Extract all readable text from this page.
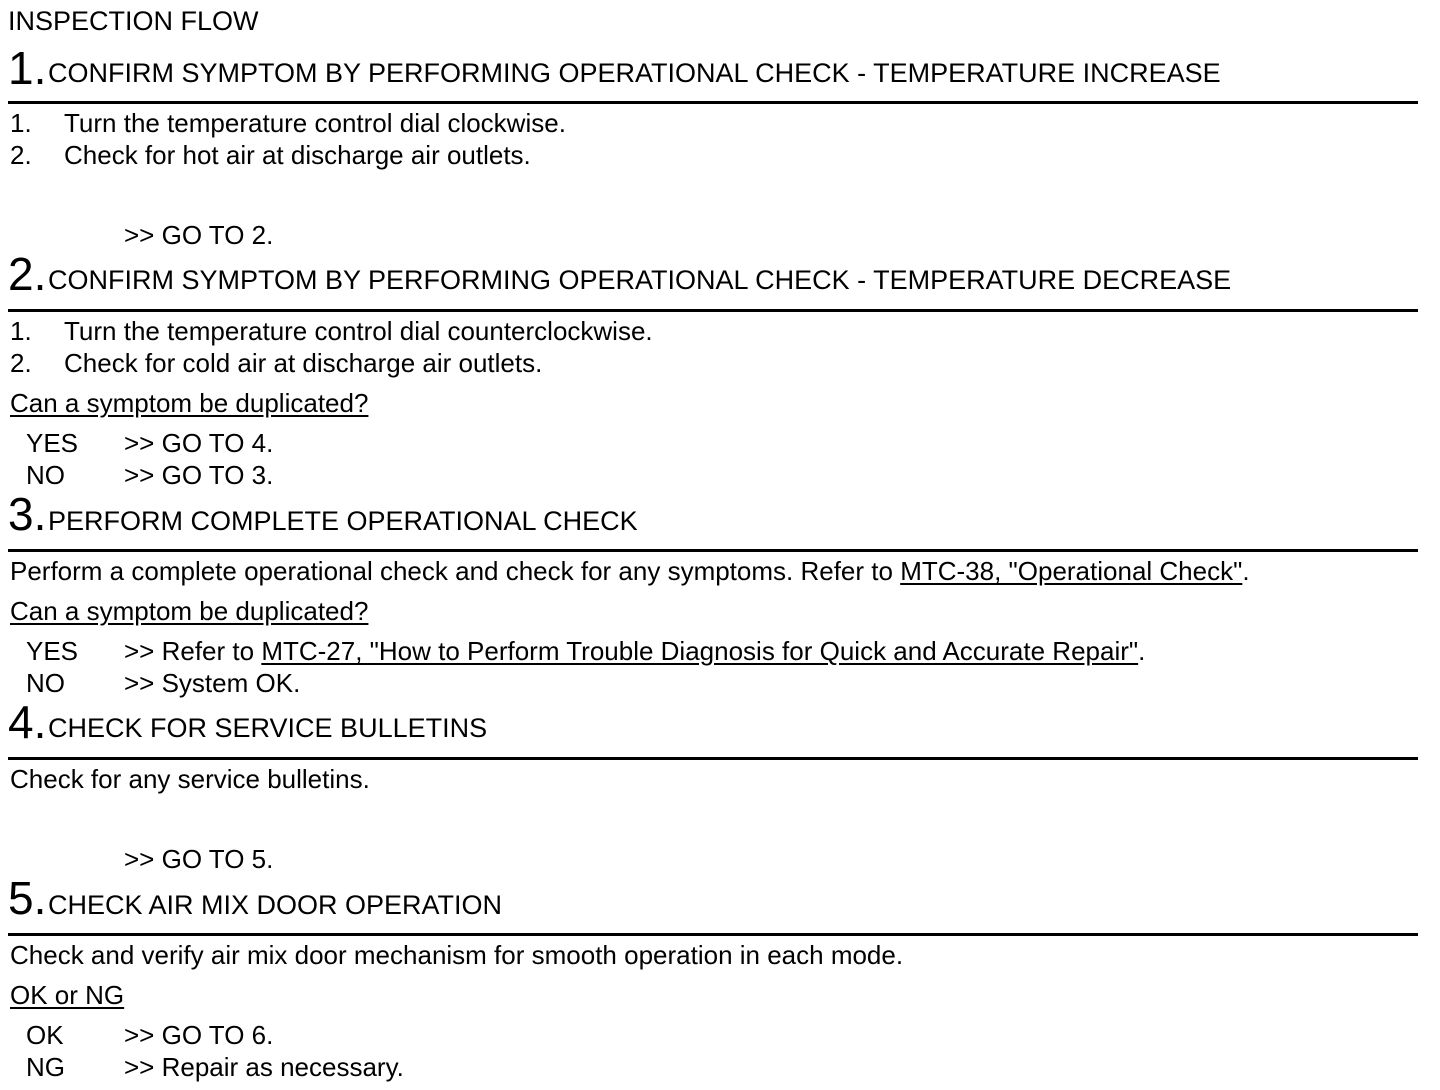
INSPECTION FLOW
1. CONFIRM SYMPTOM BY PERFORMING OPERATIONAL CHECK - TEMPERATURE INCREASE
1. Turn the temperature control dial clockwise.
2. Check for hot air at discharge air outlets.
>> GO TO 2.
2. CONFIRM SYMPTOM BY PERFORMING OPERATIONAL CHECK - TEMPERATURE DECREASE
1. Turn the temperature control dial counterclockwise.
2. Check for cold air at discharge air outlets.
Can a symptom be duplicated?
YES >> GO TO 4.
NO >> GO TO 3.
3. PERFORM COMPLETE OPERATIONAL CHECK
Perform a complete operational check and check for any symptoms. Refer to MTC-38, "Operational Check".
Can a symptom be duplicated?
YES >> Refer to MTC-27, "How to Perform Trouble Diagnosis for Quick and Accurate Repair".
NO >> System OK.
4. CHECK FOR SERVICE BULLETINS
Check for any service bulletins.
>> GO TO 5.
5. CHECK AIR MIX DOOR OPERATION
Check and verify air mix door mechanism for smooth operation in each mode.
OK or NG
OK >> GO TO 6.
NG >> Repair as necessary.
